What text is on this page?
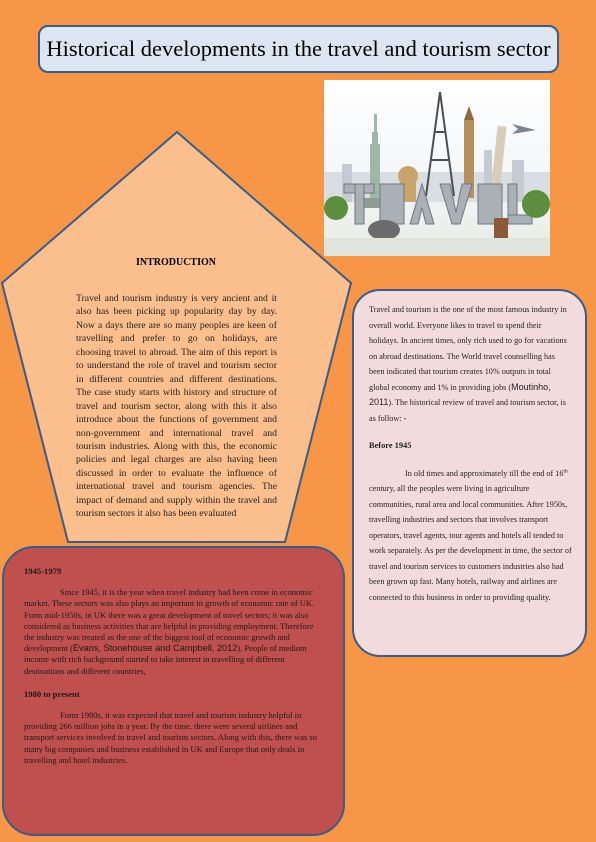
Historical developments in the travel and tourism sector
INTRODUCTION
Travel and tourism industry is very ancient and it also has been picking up popularity day by day. Now a days there are so many peoples are keen of travelling and prefer to go on holidays, are choosing travel to abroad. The aim of this report is to understand the role of travel and tourism sector in different countries and different destinations. The case study starts with history and structure of travel and tourism sector, along with this it also introduce about the functions of government and non-government and international travel and tourism industries. Along with this, the economic policies and legal charges are also having been discussed in order to evaluate the influence of international travel and tourism agencies. The impact of demand and supply within the travel and tourism sectors it also has been evaluated

Travel and tourism is the one of the most famous industry in overall world. Everyone likes to travel to spend their holidays. In ancient times, only rich used to go for vacations on abroad destinations. The World travel counselling has been indicated that tourism creates 10% outputs in total global economy and 1% in providing jobs (Moutinho, 2011). The historical review of travel and tourism sector, is as follow: -

Before 1945

In old times and approximately till the end of 16th century, all the peoples were living in agriculture communities, rural area and local communities. After 1950s, travelling industries and sectors that involves transport operators, travel agents, tour agents and hotels all tended to work separately. As per the development in time, the sector of travel and tourism services to customers industries also had been grown up fast. Many hotels, railway and airlines are connected to this business in order to providing quality.

1945-1979

Since 1945, it is the year when travel industry had been come in economic market. These sectors was also plays an important in growth of economic rate of UK. Form mid-1950s, in UK there was a great development of travel sectors; it was also considered as business activities that are helpful in providing employment. Therefore the industry was treated as the one of the biggest tool of economic growth and development (Evans, Stonehouse and Campbell, 2012). People of medium income with rich background started to take interest in travelling of different destinations and different countries,

1980 to present

Form 1980s, it was expected that travel and tourism industry helpful in providing 266 million jobs in a year. By the time, there were several airlines and transport services involved in travel and tourism sectors. Along with this, there was so many big companies and business established in UK and Europe that only deals in travelling and hotel industries.
